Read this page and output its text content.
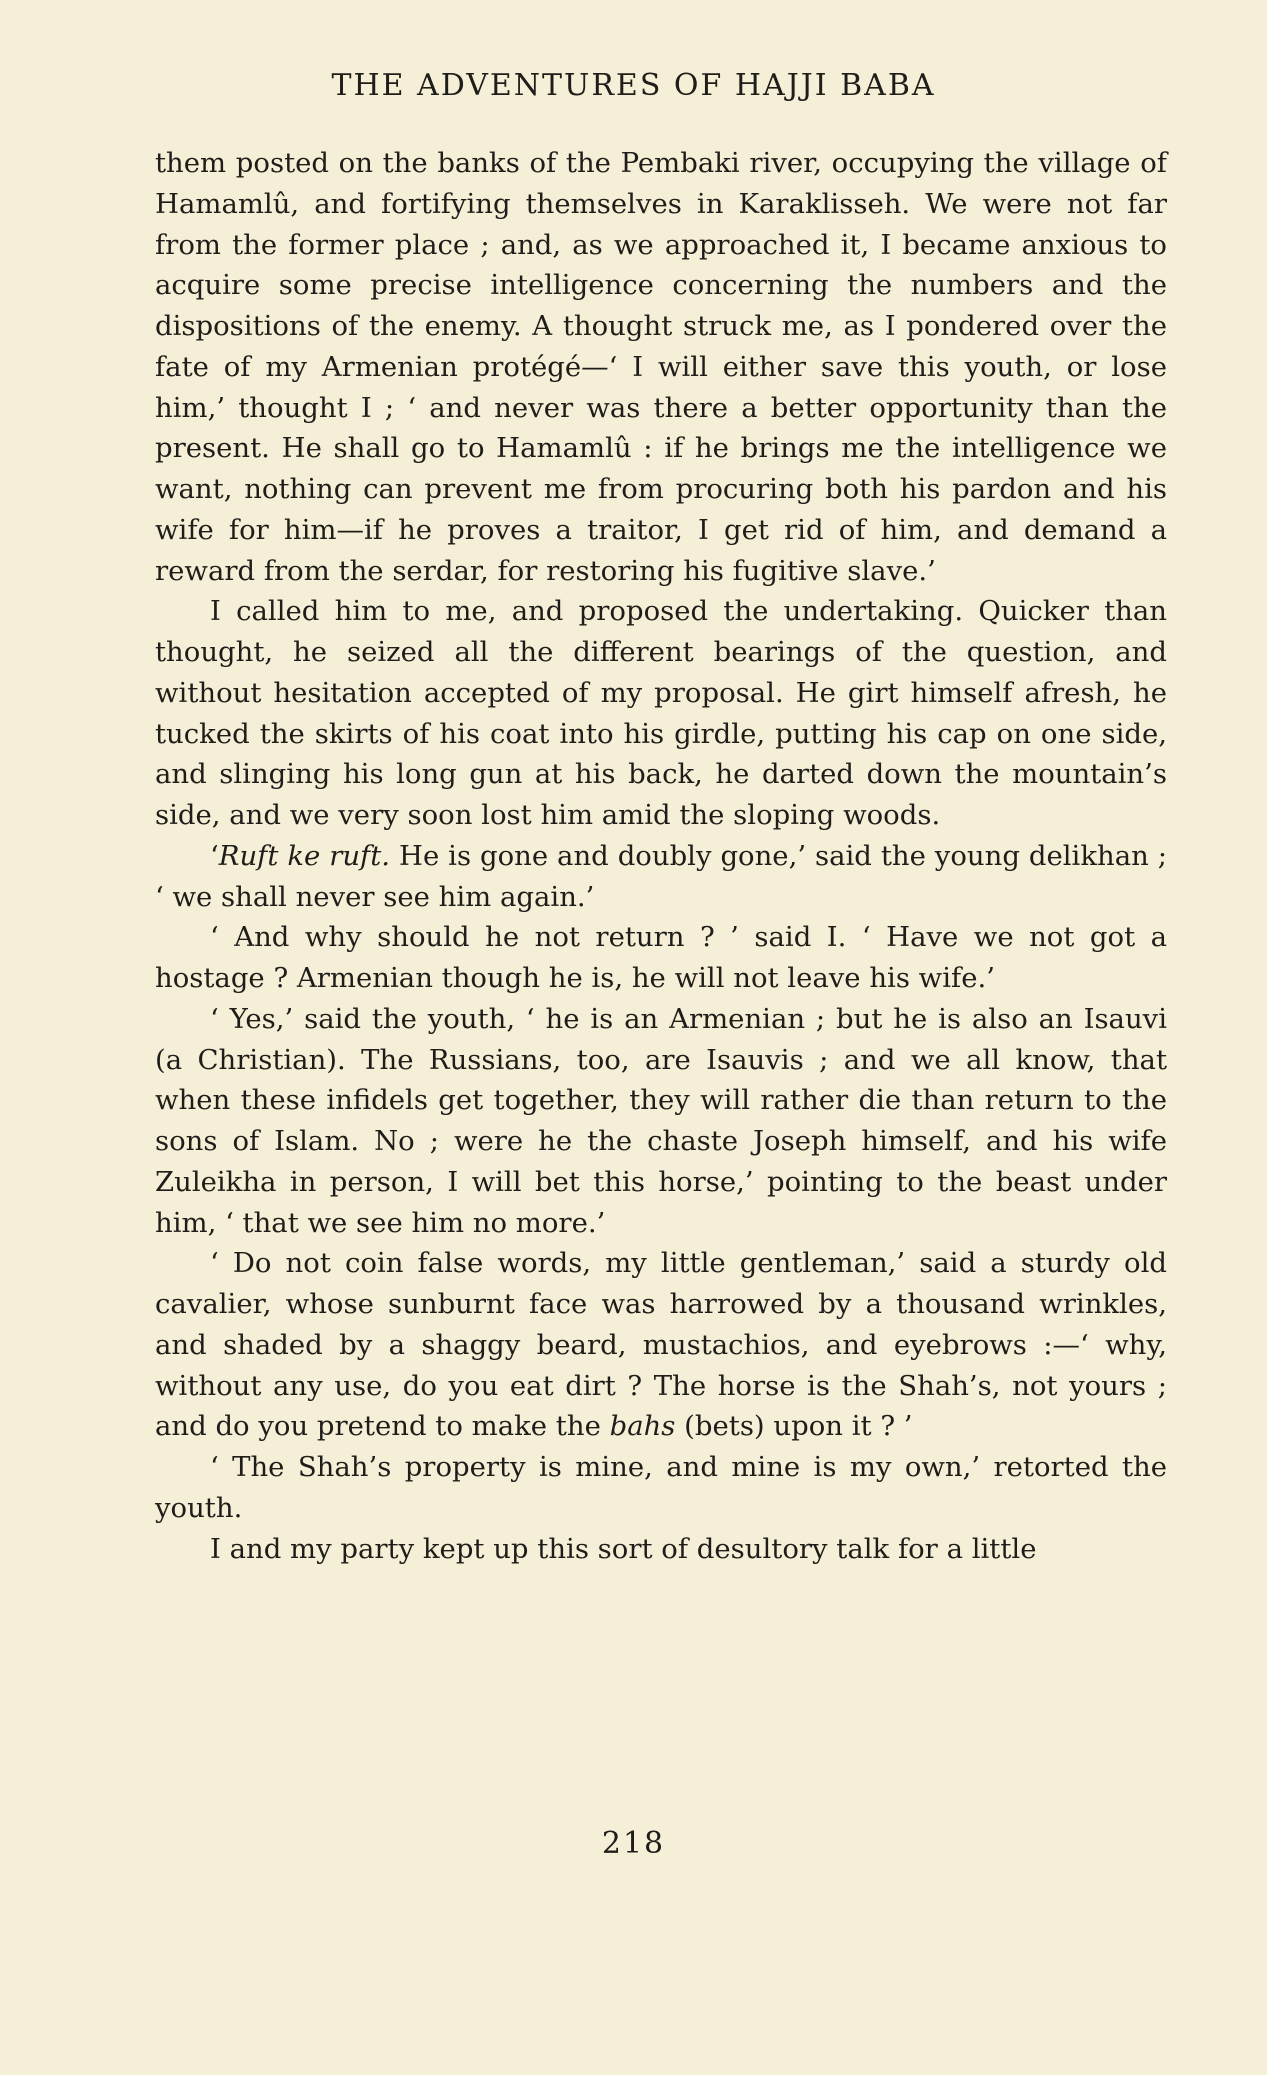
THE ADVENTURES OF HAJJI BABA

them posted on the banks of the Pembaki river, occupying the village of Hamamlû, and fortifying themselves in Karaklisseh. We were not far from the former place ; and, as we approached it, I became anxious to acquire some precise intelligence concerning the numbers and the dispositions of the enemy. A thought struck me, as I pondered over the fate of my Armenian protégé—‘ I will either save this youth, or lose him,’ thought I ; ‘ and never was there a better opportunity than the present. He shall go to Hamamlû : if he brings me the intelligence we want, nothing can prevent me from procuring both his pardon and his wife for him—if he proves a traitor, I get rid of him, and demand a reward from the serdar, for restoring his fugitive slave.’

I called him to me, and proposed the undertaking. Quicker than thought, he seized all the different bearings of the question, and without hesitation accepted of my proposal. He girt himself afresh, he tucked the skirts of his coat into his girdle, putting his cap on one side, and slinging his long gun at his back, he darted down the mountain’s side, and we very soon lost him amid the sloping woods.

‘Ruft ke ruft. He is gone and doubly gone,’ said the young delikhan ; ‘ we shall never see him again.’

‘ And why should he not return ? ’ said I. ‘ Have we not got a hostage ? Armenian though he is, he will not leave his wife.’

‘ Yes,’ said the youth, ‘ he is an Armenian ; but he is also an Isauvi (a Christian). The Russians, too, are Isauvis ; and we all know, that when these infidels get together, they will rather die than return to the sons of Islam. No ; were he the chaste Joseph himself, and his wife Zuleikha in person, I will bet this horse,’ pointing to the beast under him, ‘ that we see him no more.’

‘ Do not coin false words, my little gentleman,’ said a sturdy old cavalier, whose sunburnt face was harrowed by a thousand wrinkles, and shaded by a shaggy beard, mustachios, and eyebrows :—‘ why, without any use, do you eat dirt ? The horse is the Shah’s, not yours ; and do you pretend to make the bahs (bets) upon it ? ’

‘ The Shah’s property is mine, and mine is my own,’ retorted the youth.

I and my party kept up this sort of desultory talk for a little

218
